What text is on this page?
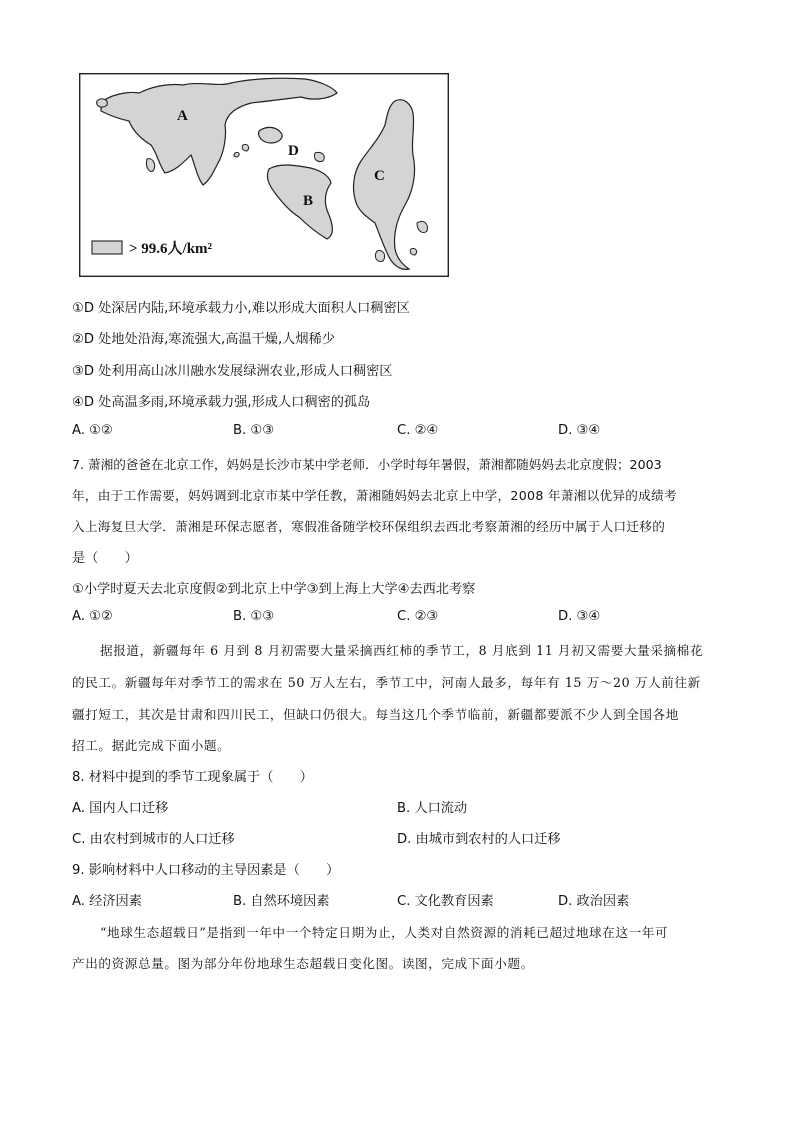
A
B
C
D
> 99.6人/km²
①D 处深居内陆,环境承载力小,难以形成大面积人口稠密区
②D 处地处沿海,寒流强大,高温干燥,人烟稀少
③D 处利用高山冰川融水发展绿洲农业,形成人口稠密区
④D 处高温多雨,环境承载力强,形成人口稠密的孤岛
A. ①②	B. ①③	C. ②④	D. ③④
7. 萧湘的爸爸在北京工作，妈妈是长沙市某中学老师．小学时每年暑假，萧湘都随妈妈去北京度假；2003
年，由于工作需要，妈妈调到北京市某中学任教，萧湘随妈妈去北京上中学，2008 年萧湘以优异的成绩考
入上海复旦大学．萧湘是环保志愿者，寒假准备随学校环保组织去西北考察萧湘的经历中属于人口迁移的
是（　　）
①小学时夏天去北京度假②到北京上中学③到上海上大学④去西北考察
A. ①②	B. ①③	C. ②③	D. ③④
据报道，新疆每年 6 月到 8 月初需要大量采摘西红柿的季节工，8 月底到 11 月初又需要大量采摘棉花
的民工。新疆每年对季节工的需求在 50 万人左右，季节工中，河南人最多，每年有 15 万～20 万人前往新
疆打短工，其次是甘肃和四川民工，但缺口仍很大。每当这几个季节临前，新疆都要派不少人到全国各地
招工。据此完成下面小题。
8. 材料中提到的季节工现象属于（　　）
A. 国内人口迁移	B. 人口流动
C. 由农村到城市的人口迁移	D. 由城市到农村的人口迁移
9. 影响材料中人口移动的主导因素是（　　）
A. 经济因素	B. 自然环境因素	C. 文化教育因素	D. 政治因素
“地球生态超载日”是指到一年中一个特定日期为止，人类对自然资源的消耗已超过地球在这一年可
产出的资源总量。图为部分年份地球生态超载日变化图。读图，完成下面小题。
